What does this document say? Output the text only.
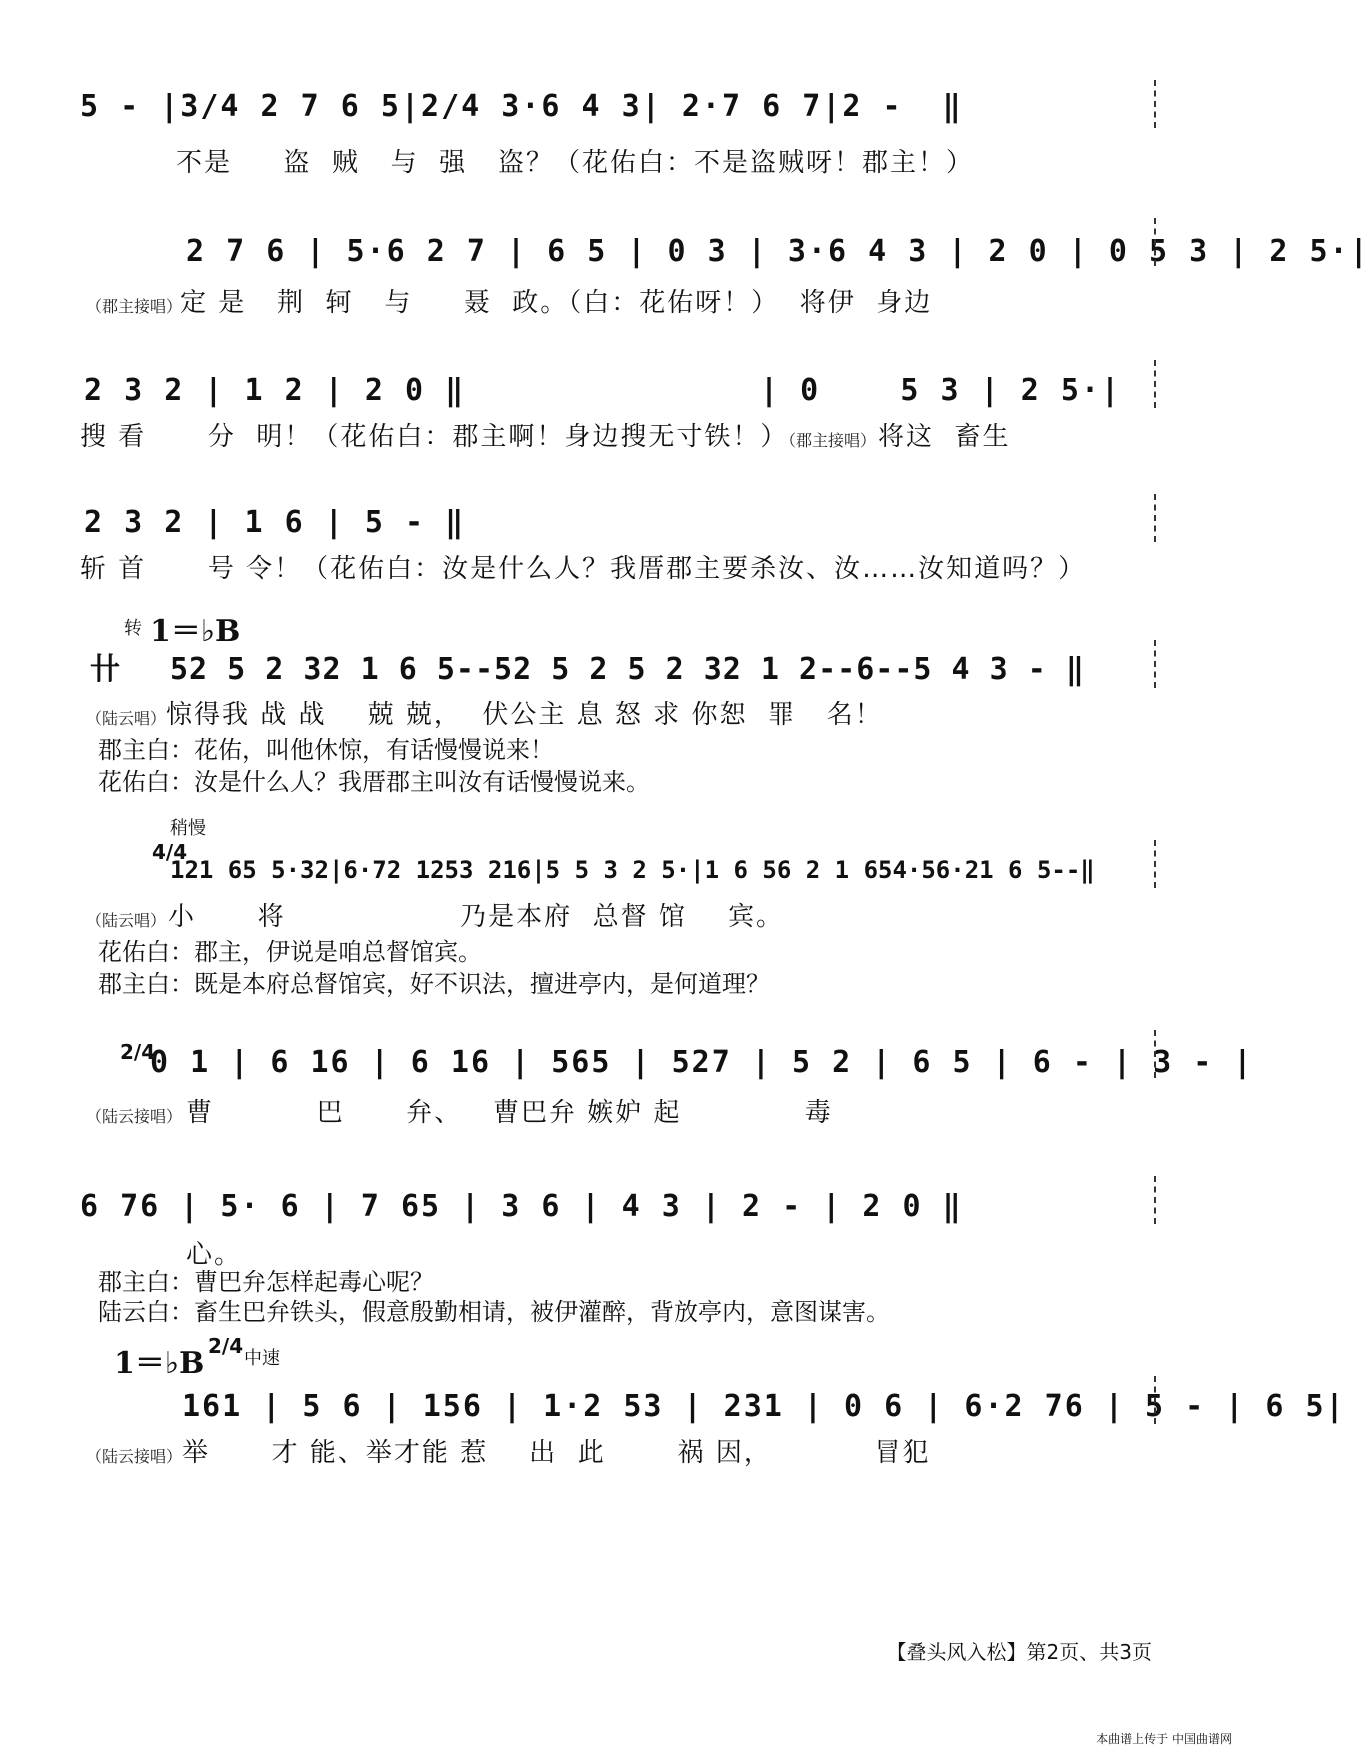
5 - |3/4 2 7 6 5|2/4 3·6 4 3| 2·7 6 7|2 -  ‖
不是     盗  贼   与  强   盗？（花佑白：不是盗贼呀！郡主！）
2 7 6 | 5·6 2 7 | 6 5 | 0 3 | 3·6 4 3 | 2 0 | 0 5 3 | 2 5·|
（郡主接唱）
定 是   荆  轲   与     聂  政。（白：花佑呀！）  将伊  身边
2 3 2 | 1 2 | 2 0 ‖
搜 看      分  明！（花佑白：郡主啊！身边搜无寸铁！）
| 0    5 3 | 2 5·|
（郡主接唱） 将这  畜生
2 3 2 | 1 6 | 5 - ‖
斩 首      号 令！（花佑白：汝是什么人？我厝郡主要杀汝、汝……汝知道吗？）
转 1＝♭B
卄 52 5 2 32 1 6 5--52 5 2 5 2 32 1 2--6--5 4 3 - ‖
（陆云唱） 惊得我 战 战    兢 兢，  伏公主 息 怒 求 你恕  罪   名！
郡主白：花佑，叫他休惊，有话慢慢说来！
花佑白：汝是什么人？我厝郡主叫汝有话慢慢说来。
稍慢
4/4
121 65 5·32|6·72 1253 216|5 5 3 2 5·|1 6 56 2 1 654·56·21 6 5--‖
（陆云唱） 小      将                 乃是本府  总督 馆    宾。
花佑白：郡主，伊说是咱总督馆宾。
郡主白：既是本府总督馆宾，好不识法，擅进亭内，是何道理？
2/4
0 1 | 6 16 | 6 16 | 565 | 527 | 5 2 | 6 5 | 6 - | 3 - |
（陆云接唱） 曹          巴      弁、   曹巴弁 嫉妒 起            毒
6 76 | 5· 6 | 7 65 | 3 6 | 4 3 | 2 - | 2 0 ‖
心。
郡主白：曹巴弁怎样起毒心呢？
陆云白：畜生巴弁铁头，假意殷勤相请，被伊灌醉，背放亭内，意图谋害。
1＝♭B 2/4
中速
161 | 5 6 | 156 | 1·2 53 | 231 | 0 6 | 6·2 76 | 5 - | 6 5|
（陆云接唱） 举      才 能、举才能 惹    出  此       祸 因，          冒犯
【叠头风入松】第2页、共3页
本曲谱上传于 中国曲谱网
